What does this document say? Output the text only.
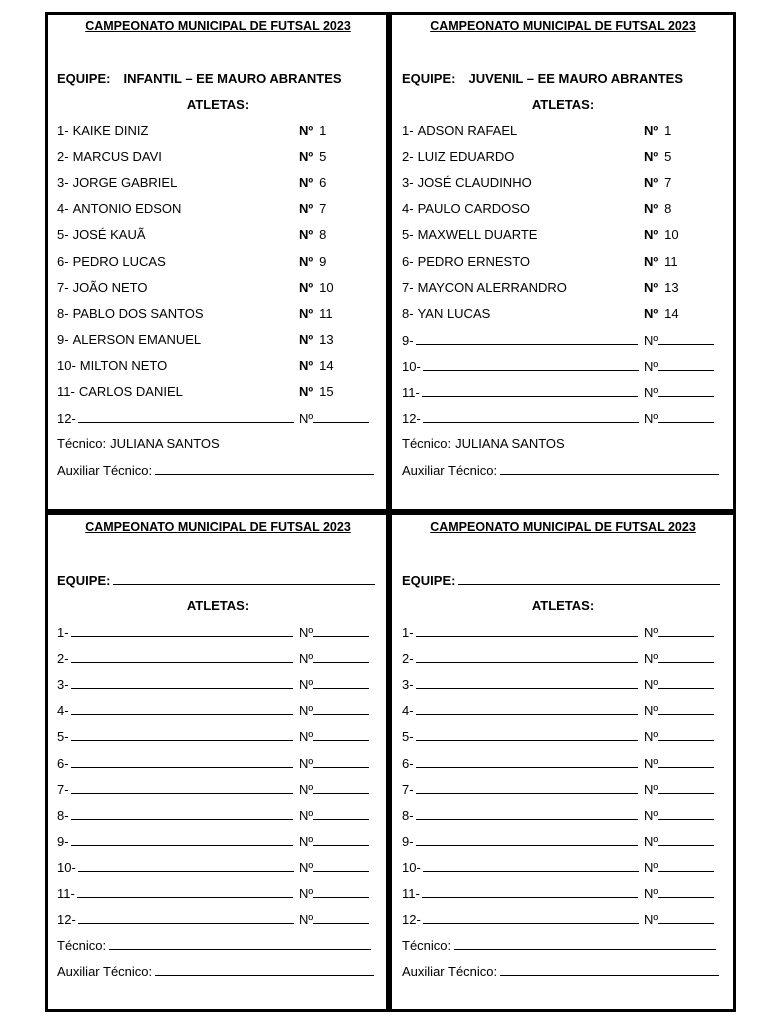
CAMPEONATO MUNICIPAL DE FUTSAL 2023
EQUIPE: INFANTIL – EE MAURO ABRANTES
ATLETAS:
1- KAIKE DINIZ	Nº 1
2- MARCUS DAVI	Nº 5
3- JORGE GABRIEL	Nº 6
4- ANTONIO EDSON	Nº 7
5- JOSÉ KAUÃ	Nº 8
6- PEDRO LUCAS	Nº 9
7- JOÃO NETO	Nº 10
8- PABLO DOS SANTOS	Nº 11
9- ALERSON EMANUEL	Nº 13
10- MILTON NETO	Nº 14
11- CARLOS DANIEL	Nº 15
12-	Nº
Técnico: JULIANA SANTOS
Auxiliar Técnico:
CAMPEONATO MUNICIPAL DE FUTSAL 2023
EQUIPE: JUVENIL – EE MAURO ABRANTES
ATLETAS:
1- ADSON RAFAEL	Nº 1
2- LUIZ EDUARDO	Nº 5
3- JOSÉ CLAUDINHO	Nº 7
4- PAULO CARDOSO	Nº 8
5- MAXWELL DUARTE	Nº 10
6- PEDRO ERNESTO	Nº 11
7- MAYCON ALERRANDRO	Nº 13
8- YAN LUCAS	Nº 14
9-	Nº
10-	Nº
11-	Nº
12-	Nº
Técnico: JULIANA SANTOS
Auxiliar Técnico:
CAMPEONATO MUNICIPAL DE FUTSAL 2023
EQUIPE:
ATLETAS:
1-	Nº
2-	Nº
3-	Nº
4-	Nº
5-	Nº
6-	Nº
7-	Nº
8-	Nº
9-	Nº
10-	Nº
11-	Nº
12-	Nº
Técnico:
Auxiliar Técnico:
CAMPEONATO MUNICIPAL DE FUTSAL 2023
EQUIPE:
ATLETAS:
1-	Nº
2-	Nº
3-	Nº
4-	Nº
5-	Nº
6-	Nº
7-	Nº
8-	Nº
9-	Nº
10-	Nº
11-	Nº
12-	Nº
Técnico:
Auxiliar Técnico:
